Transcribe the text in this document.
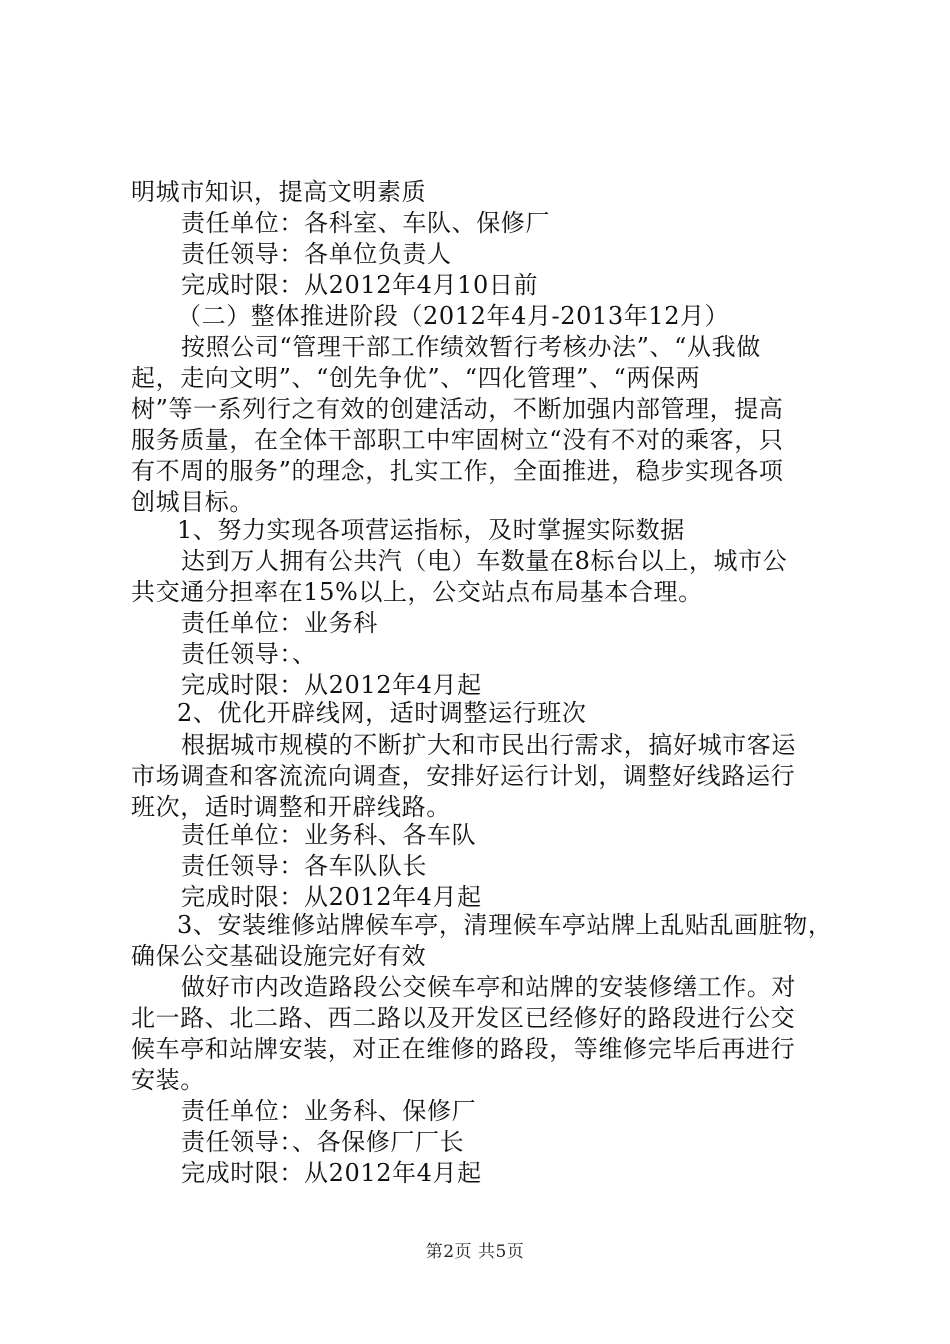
明城市知识，提高文明素质
责任单位：各科室、车队、保修厂
责任领导：各单位负责人
完成时限：从2012年4月10日前
（二）整体推进阶段（2012年4月-2013年12月）
按照公司“管理干部工作绩效暂行考核办法”、“从我做
起，走向文明”、“创先争优”、“四化管理”、“两保两
树”等一系列行之有效的创建活动，不断加强内部管理，提高
服务质量，在全体干部职工中牢固树立“没有不对的乘客，只
有不周的服务”的理念，扎实工作，全面推进，稳步实现各项
创城目标。
1、努力实现各项营运指标，及时掌握实际数据
达到万人拥有公共汽（电）车数量在8标台以上，城市公
共交通分担率在15%以上，公交站点布局基本合理。
责任单位：业务科
责任领导：、
完成时限：从2012年4月起
2、优化开辟线网，适时调整运行班次
根据城市规模的不断扩大和市民出行需求，搞好城市客运
市场调查和客流流向调查，安排好运行计划，调整好线路运行
班次，适时调整和开辟线路。
责任单位：业务科、各车队
责任领导：各车队队长
完成时限：从2012年4月起
3、安装维修站牌候车亭，清理候车亭站牌上乱贴乱画脏物，
确保公交基础设施完好有效
做好市内改造路段公交候车亭和站牌的安装修缮工作。对
北一路、北二路、西二路以及开发区已经修好的路段进行公交
候车亭和站牌安装，对正在维修的路段，等维修完毕后再进行
安装。
责任单位：业务科、保修厂
责任领导：、各保修厂厂长
完成时限：从2012年4月起
第2页 共5页
